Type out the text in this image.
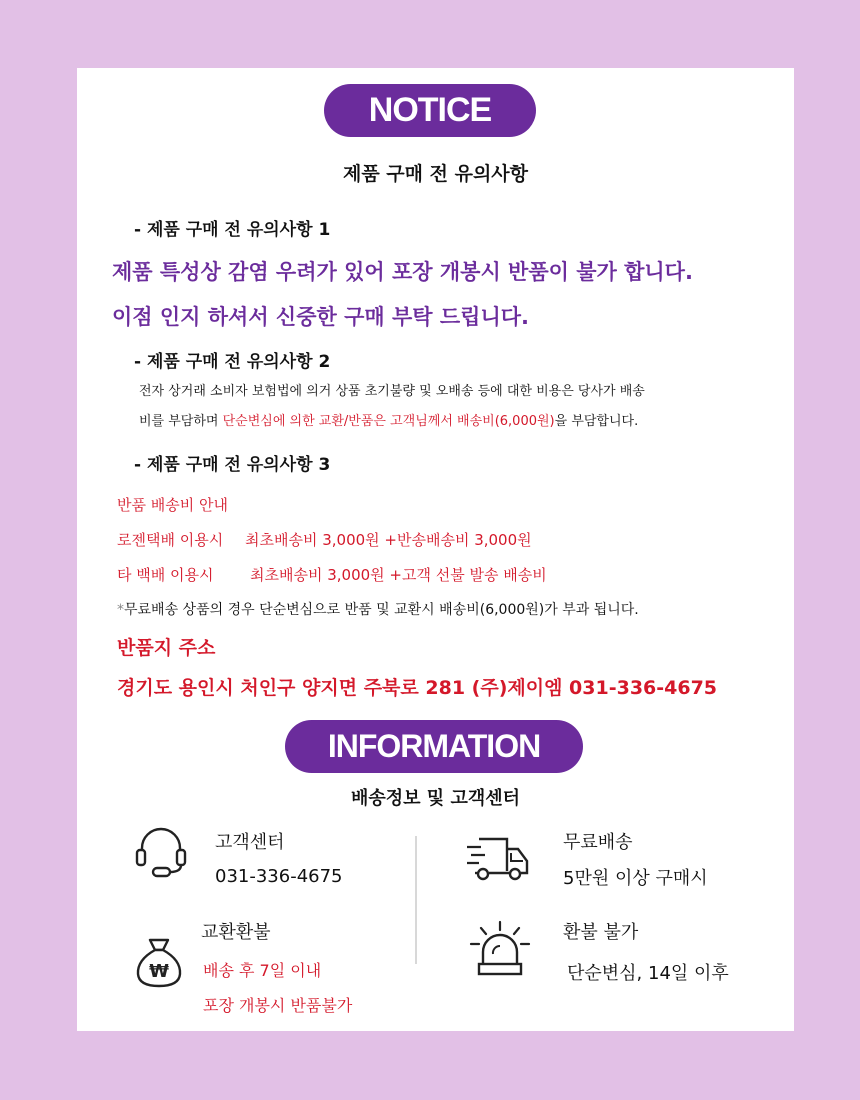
NOTICE
제품 구매 전 유의사항
- 제품 구매 전 유의사항 1
제품 특성상 감염 우려가 있어 포장 개봉시 반품이 불가 합니다.
이점 인지 하셔서 신중한 구매 부탁 드립니다.
- 제품 구매 전 유의사항 2
전자 상거래 소비자 보험법에 의거 상품 초기불량 및 오배송 등에 대한 비용은 당사가 배송
비를 부담하며 단순변심에 의한 교환/반품은 고객님께서 배송비(6,000원)을 부담합니다.
- 제품 구매 전 유의사항 3
반품 배송비 안내
로젠택배 이용시 최초배송비 3,000원 +반송배송비 3,000원
타 백배 이용시 최초배송비 3,000원 +고객 선불 발송 배송비
*무료배송 상품의 경우 단순변심으로 반품 및 교환시 배송비(6,000원)가 부과 됩니다.
반품지 주소
경기도 용인시 처인구 양지면 주북로 281 (주)제이엠 031-336-4675
INFORMATION
배송정보 및 고객센터
고객센터
031-336-4675
무료배송
5만원 이상 구매시
₩
교환환불
배송 후 7일 이내
포장 개봉시 반품불가
환불 불가
단순변심, 14일 이후
